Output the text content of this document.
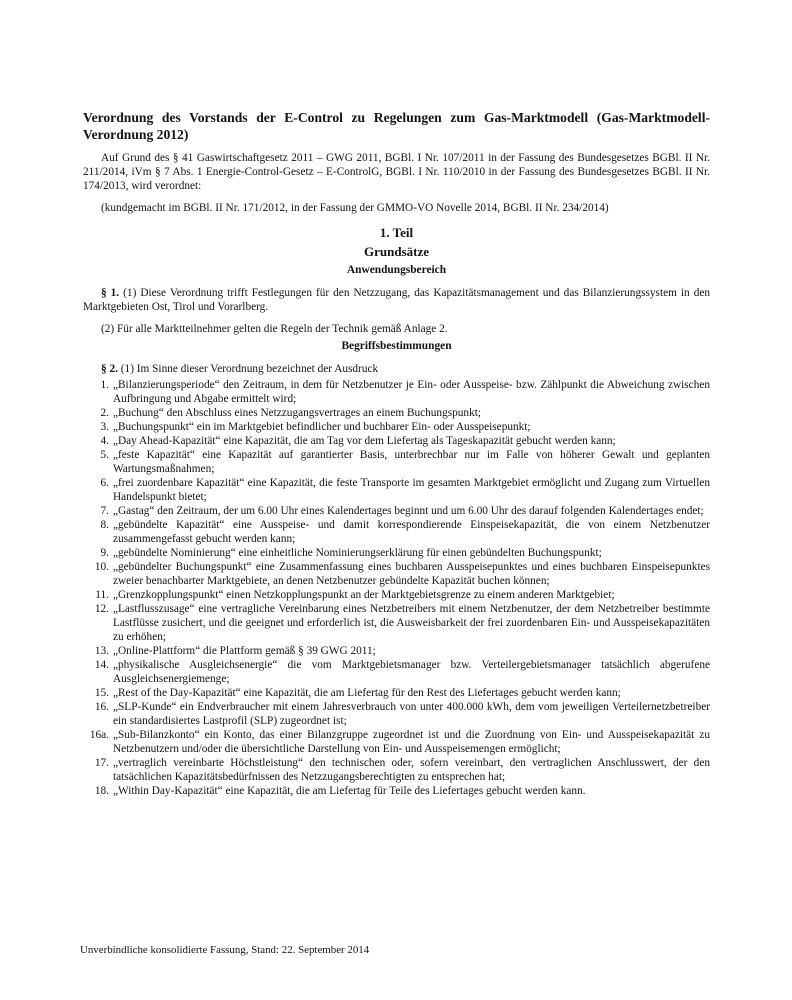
Verordnung des Vorstands der E-Control zu Regelungen zum Gas-Marktmodell (Gas-Marktmodell-Verordnung 2012)

Auf Grund des § 41 Gaswirtschaftgesetz 2011 – GWG 2011, BGBl. I Nr. 107/2011 in der Fassung des Bundesgesetzes BGBl. II Nr. 211/2014, iVm § 7 Abs. 1 Energie-Control-Gesetz – E-ControlG, BGBl. I Nr. 110/2010 in der Fassung des Bundesgesetzes BGBl. II Nr. 174/2013, wird verordnet:

(kundgemacht im BGBl. II Nr. 171/2012, in der Fassung der GMMO-VO Novelle 2014, BGBl. II Nr. 234/2014)

1. Teil
Grundsätze
Anwendungsbereich

§ 1. (1) Diese Verordnung trifft Festlegungen für den Netzzugang, das Kapazitätsmanagement und das Bilanzierungssystem in den Marktgebieten Ost, Tirol und Vorarlberg.

(2) Für alle Marktteilnehmer gelten die Regeln der Technik gemäß Anlage 2.

Begriffsbestimmungen

§ 2. (1) Im Sinne dieser Verordnung bezeichnet der Ausdruck

1. „Bilanzierungsperiode“ den Zeitraum, in dem für Netzbenutzer je Ein- oder Ausspeise- bzw. Zählpunkt die Abweichung zwischen Aufbringung und Abgabe ermittelt wird;
2. „Buchung“ den Abschluss eines Netzzugangsvertrages an einem Buchungspunkt;
3. „Buchungspunkt“ ein im Marktgebiet befindlicher und buchbarer Ein- oder Ausspeisepunkt;
4. „Day Ahead-Kapazität“ eine Kapazität, die am Tag vor dem Liefertag als Tageskapazität gebucht werden kann;
5. „feste Kapazität“ eine Kapazität auf garantierter Basis, unterbrechbar nur im Falle von höherer Gewalt und geplanten Wartungsmaßnahmen;
6. „frei zuordenbare Kapazität“ eine Kapazität, die feste Transporte im gesamten Marktgebiet ermöglicht und Zugang zum Virtuellen Handelspunkt bietet;
7. „Gastag“ den Zeitraum, der um 6.00 Uhr eines Kalendertages beginnt und um 6.00 Uhr des darauf folgenden Kalendertages endet;
8. „gebündelte Kapazität“ eine Ausspeise- und damit korrespondierende Einspeisekapazität, die von einem Netzbenutzer zusammengefasst gebucht werden kann;
9. „gebündelte Nominierung“ eine einheitliche Nominierungserklärung für einen gebündelten Buchungspunkt;
10. „gebündelter Buchungspunkt“ eine Zusammenfassung eines buchbaren Ausspeisepunktes und eines buchbaren Einspeisepunktes zweier benachbarter Marktgebiete, an denen Netzbenutzer gebündelte Kapazität buchen können;
11. „Grenzkopplungspunkt“ einen Netzkopplungspunkt an der Marktgebietsgrenze zu einem anderen Marktgebiet;
12. „Lastflusszusage“ eine vertragliche Vereinbarung eines Netzbetreibers mit einem Netzbenutzer, der dem Netzbetreiber bestimmte Lastflüsse zusichert, und die geeignet und erforderlich ist, die Ausweisbarkeit der frei zuordenbaren Ein- und Ausspeisekapazitäten zu erhöhen;
13. „Online-Plattform“ die Plattform gemäß § 39 GWG 2011;
14. „physikalische Ausgleichsenergie“ die vom Marktgebietsmanager bzw. Verteilergebietsmanager tatsächlich abgerufene Ausgleichsenergiemenge;
15. „Rest of the Day-Kapazität“ eine Kapazität, die am Liefertag für den Rest des Liefertages gebucht werden kann;
16. „SLP-Kunde“ ein Endverbraucher mit einem Jahresverbrauch von unter 400.000 kWh, dem vom jeweiligen Verteilernetzbetreiber ein standardisiertes Lastprofil (SLP) zugeordnet ist;
16a. „Sub-Bilanzkonto“ ein Konto, das einer Bilanzgruppe zugeordnet ist und die Zuordnung von Ein- und Ausspeisekapazität zu Netzbenutzern und/oder die übersichtliche Darstellung von Ein- und Ausspeisemengen ermöglicht;
17. „vertraglich vereinbarte Höchstleistung“ den technischen oder, sofern vereinbart, den vertraglichen Anschlusswert, der den tatsächlichen Kapazitätsbedürfnissen des Netzzugangsberechtigten zu entsprechen hat;
18. „Within Day-Kapazität“ eine Kapazität, die am Liefertag für Teile des Liefertages gebucht werden kann.
Unverbindliche konsolidierte Fassung, Stand: 22. September 2014
